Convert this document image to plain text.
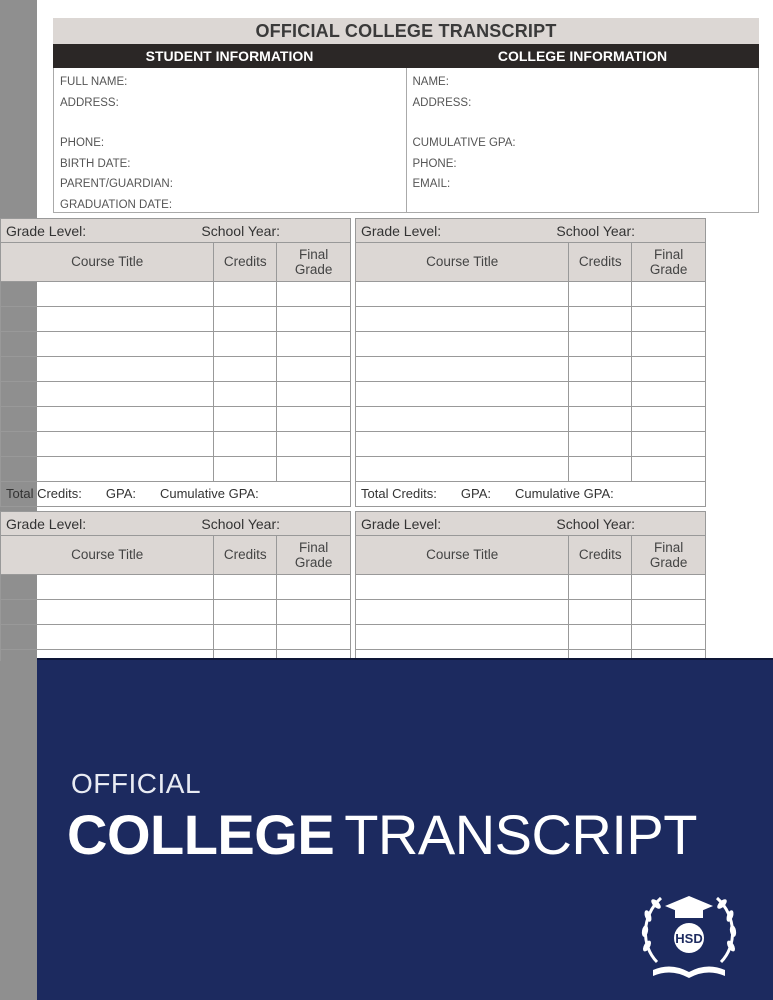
OFFICIAL COLLEGE TRANSCRIPT
STUDENT INFORMATION	COLLEGE INFORMATION
FULL NAME:
ADDRESS:
PHONE:
BIRTH DATE:
PARENT/GUARDIAN:
GRADUATION DATE:
NAME:
ADDRESS:
CUMULATIVE GPA:
PHONE:
EMAIL:
Grade Level:	School Year:
Course Title	Credits	Final Grade

Total Credits: GPA: Cumulative GPA:
Grade Level:	School Year:
Course Title	Credits	Final Grade

Total Credits: GPA: Cumulative GPA:
Grade Level:	School Year:
Course Title	Credits	Final Grade

Grade Level:	School Year:
Course Title	Credits	Final Grade

OFFICIAL
COLLEGE TRANSCRIPT
HSD
